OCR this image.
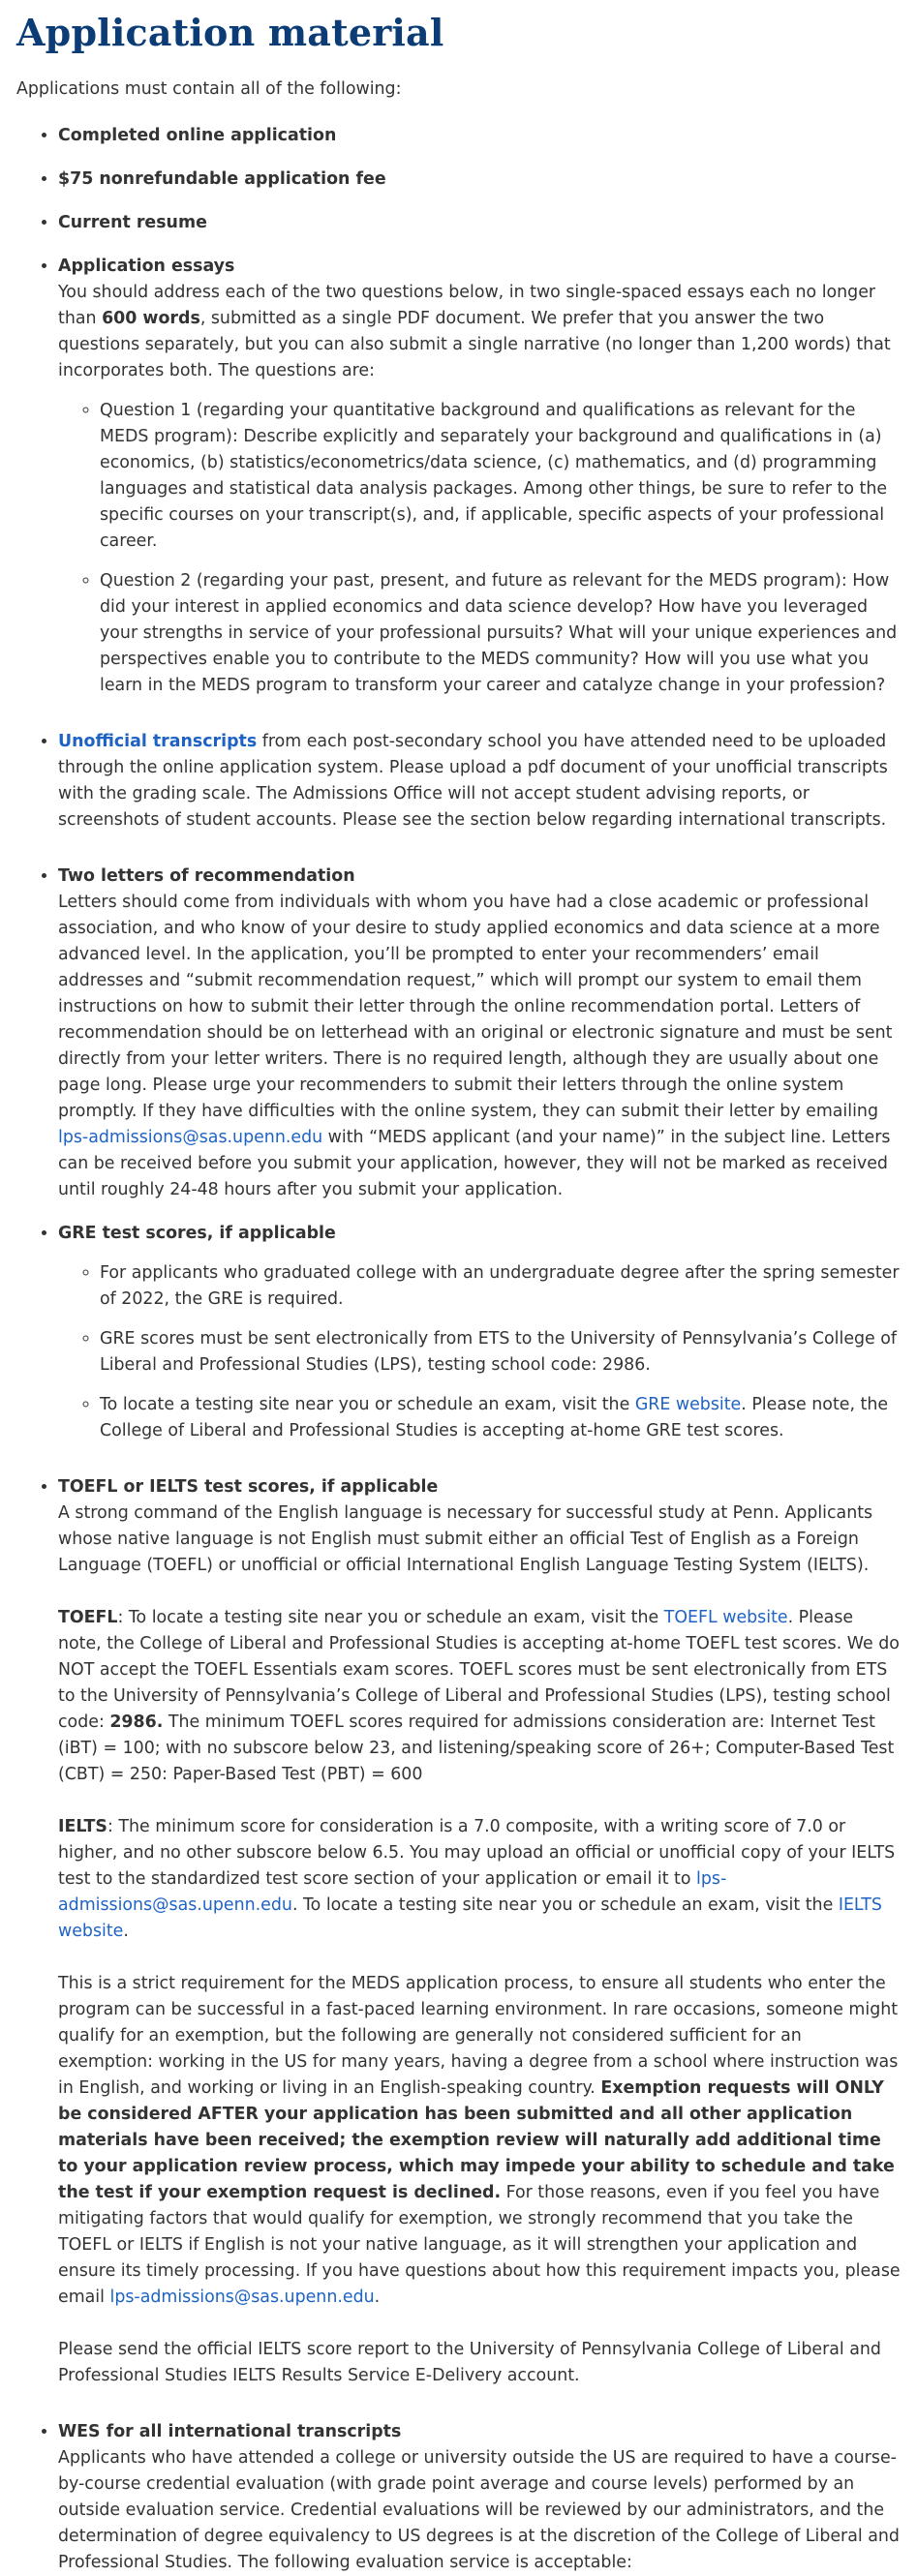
Application material

Applications must contain all of the following:

• Completed online application
• $75 nonrefundable application fee
• Current resume
• Application essays
You should address each of the two questions below, in two single-spaced essays each no longer than 600 words, submitted as a single PDF document. We prefer that you answer the two questions separately, but you can also submit a single narrative (no longer than 1,200 words) that incorporates both. The questions are:
◦ Question 1 (regarding your quantitative background and qualifications as relevant for the MEDS program): Describe explicitly and separately your background and qualifications in (a) economics, (b) statistics/econometrics/data science, (c) mathematics, and (d) programming languages and statistical data analysis packages. Among other things, be sure to refer to the specific courses on your transcript(s), and, if applicable, specific aspects of your professional career.
◦ Question 2 (regarding your past, present, and future as relevant for the MEDS program): How did your interest in applied economics and data science develop? How have you leveraged your strengths in service of your professional pursuits? What will your unique experiences and perspectives enable you to contribute to the MEDS community? How will you use what you learn in the MEDS program to transform your career and catalyze change in your profession?
• Unofficial transcripts from each post-secondary school you have attended need to be uploaded through the online application system. Please upload a pdf document of your unofficial transcripts with the grading scale. The Admissions Office will not accept student advising reports, or screenshots of student accounts. Please see the section below regarding international transcripts.
• Two letters of recommendation
Letters should come from individuals with whom you have had a close academic or professional association, and who know of your desire to study applied economics and data science at a more advanced level. In the application, you’ll be prompted to enter your recommenders’ email addresses and “submit recommendation request,” which will prompt our system to email them instructions on how to submit their letter through the online recommendation portal. Letters of recommendation should be on letterhead with an original or electronic signature and must be sent directly from your letter writers. There is no required length, although they are usually about one page long. Please urge your recommenders to submit their letters through the online system promptly. If they have difficulties with the online system, they can submit their letter by emailing lps-admissions@sas.upenn.edu with “MEDS applicant (and your name)” in the subject line. Letters can be received before you submit your application, however, they will not be marked as received until roughly 24-48 hours after you submit your application.
• GRE test scores, if applicable
◦ For applicants who graduated college with an undergraduate degree after the spring semester of 2022, the GRE is required.
◦ GRE scores must be sent electronically from ETS to the University of Pennsylvania’s College of Liberal and Professional Studies (LPS), testing school code: 2986.
◦ To locate a testing site near you or schedule an exam, visit the GRE website. Please note, the College of Liberal and Professional Studies is accepting at-home GRE test scores.
• TOEFL or IELTS test scores, if applicable
A strong command of the English language is necessary for successful study at Penn. Applicants whose native language is not English must submit either an official Test of English as a Foreign Language (TOEFL) or unofficial or official International English Language Testing System (IELTS).

TOEFL: To locate a testing site near you or schedule an exam, visit the TOEFL website. Please note, the College of Liberal and Professional Studies is accepting at-home TOEFL test scores. We do NOT accept the TOEFL Essentials exam scores. TOEFL scores must be sent electronically from ETS to the University of Pennsylvania’s College of Liberal and Professional Studies (LPS), testing school code: 2986. The minimum TOEFL scores required for admissions consideration are: Internet Test (iBT) = 100; with no subscore below 23, and listening/speaking score of 26+; Computer-Based Test (CBT) = 250: Paper-Based Test (PBT) = 600

IELTS: The minimum score for consideration is a 7.0 composite, with a writing score of 7.0 or higher, and no other subscore below 6.5. You may upload an official or unofficial copy of your IELTS test to the standardized test score section of your application or email it to lps-admissions@sas.upenn.edu. To locate a testing site near you or schedule an exam, visit the IELTS website.

This is a strict requirement for the MEDS application process, to ensure all students who enter the program can be successful in a fast-paced learning environment. In rare occasions, someone might qualify for an exemption, but the following are generally not considered sufficient for an exemption: working in the US for many years, having a degree from a school where instruction was in English, and working or living in an English-speaking country. Exemption requests will ONLY be considered AFTER your application has been submitted and all other application materials have been received; the exemption review will naturally add additional time to your application review process, which may impede your ability to schedule and take the test if your exemption request is declined. For those reasons, even if you feel you have mitigating factors that would qualify for exemption, we strongly recommend that you take the TOEFL or IELTS if English is not your native language, as it will strengthen your application and ensure its timely processing. If you have questions about how this requirement impacts you, please email lps-admissions@sas.upenn.edu.

Please send the official IELTS score report to the University of Pennsylvania College of Liberal and Professional Studies IELTS Results Service E-Delivery account.

• WES for all international transcripts
Applicants who have attended a college or university outside the US are required to have a course-by-course credential evaluation (with grade point average and course levels) performed by an outside evaluation service. Credential evaluations will be reviewed by our administrators, and the determination of degree equivalency to US degrees is at the discretion of the College of Liberal and Professional Studies. The following evaluation service is acceptable:
